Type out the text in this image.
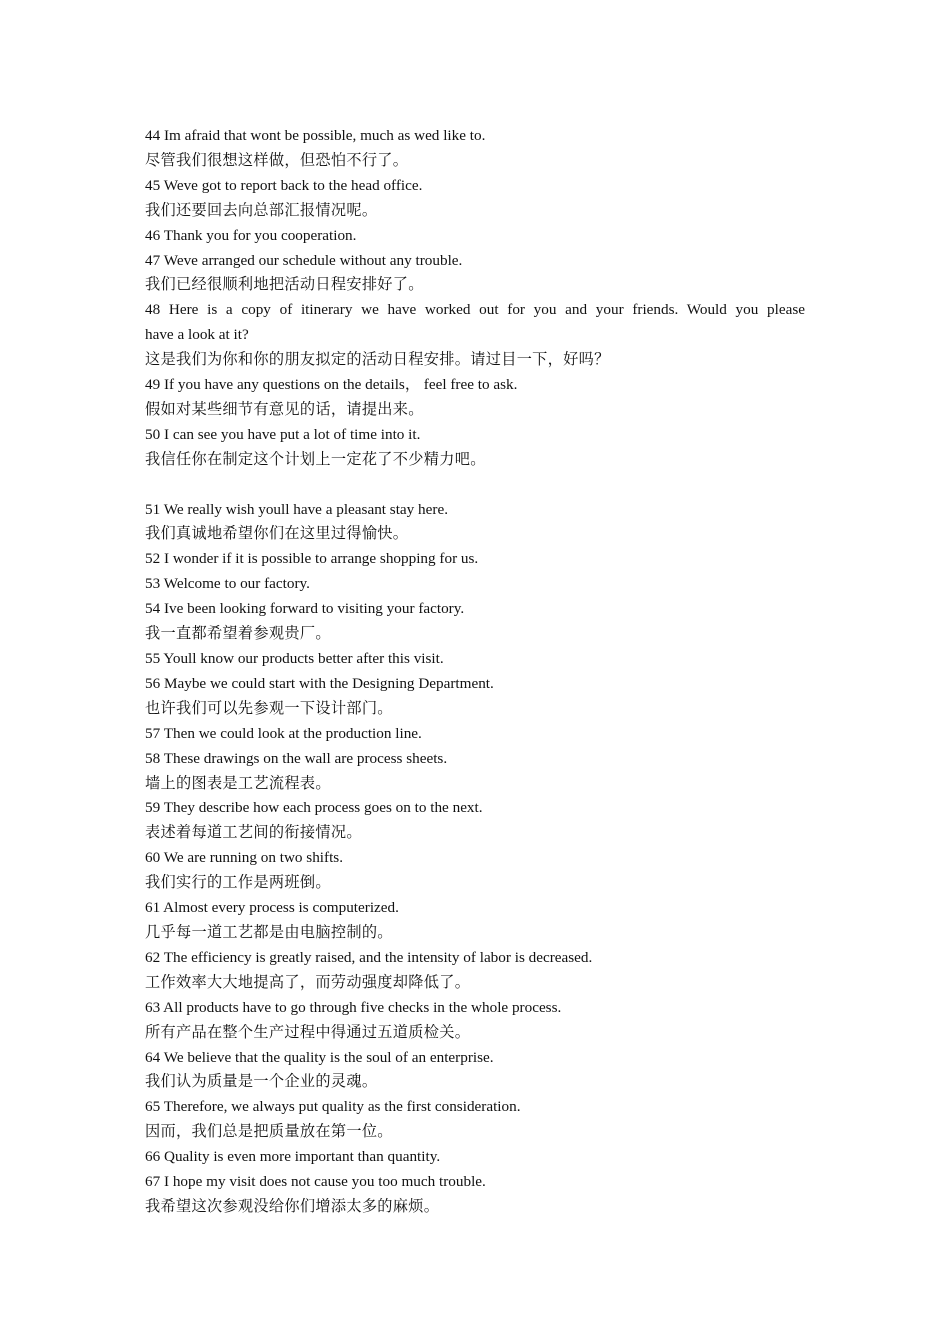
44 Im afraid that wont be possible, much as wed like to.
尽管我们很想这样做，但恐怕不行了。
45 Weve got to report back to the head office.
我们还要回去向总部汇报情况呢。
46 Thank you for you cooperation.
47 Weve arranged our schedule without any trouble.
我们已经很顺利地把活动日程安排好了。
48 Here is a copy of itinerary we have worked out for you and your friends. Would you please
have a look at it?
这是我们为你和你的朋友拟定的活动日程安排。请过目一下，好吗？
49 If you have any questions on the details， feel free to ask.
假如对某些细节有意见的话，请提出来。
50 I can see you have put a lot of time into it.
我信任你在制定这个计划上一定花了不少精力吧。
51 We really wish youll have a pleasant stay here.
我们真诚地希望你们在这里过得愉快。
52 I wonder if it is possible to arrange shopping for us.
53 Welcome to our factory.
54 Ive been looking forward to visiting your factory.
我一直都希望着参观贵厂。
55 Youll know our products better after this visit.
56 Maybe we could start with the Designing Department.
也许我们可以先参观一下设计部门。
57 Then we could look at the production line.
58 These drawings on the wall are process sheets.
墙上的图表是工艺流程表。
59 They describe how each process goes on to the next.
表述着每道工艺间的衔接情况。
60 We are running on two shifts.
我们实行的工作是两班倒。
61 Almost every process is computerized.
几乎每一道工艺都是由电脑控制的。
62 The efficiency is greatly raised, and the intensity of labor is decreased.
工作效率大大地提高了，而劳动强度却降低了。
63 All products have to go through five checks in the whole process.
所有产品在整个生产过程中得通过五道质检关。
64 We believe that the quality is the soul of an enterprise.
我们认为质量是一个企业的灵魂。
65 Therefore, we always put quality as the first consideration.
因而，我们总是把质量放在第一位。
66 Quality is even more important than quantity.
67 I hope my visit does not cause you too much trouble.
我希望这次参观没给你们增添太多的麻烦。
